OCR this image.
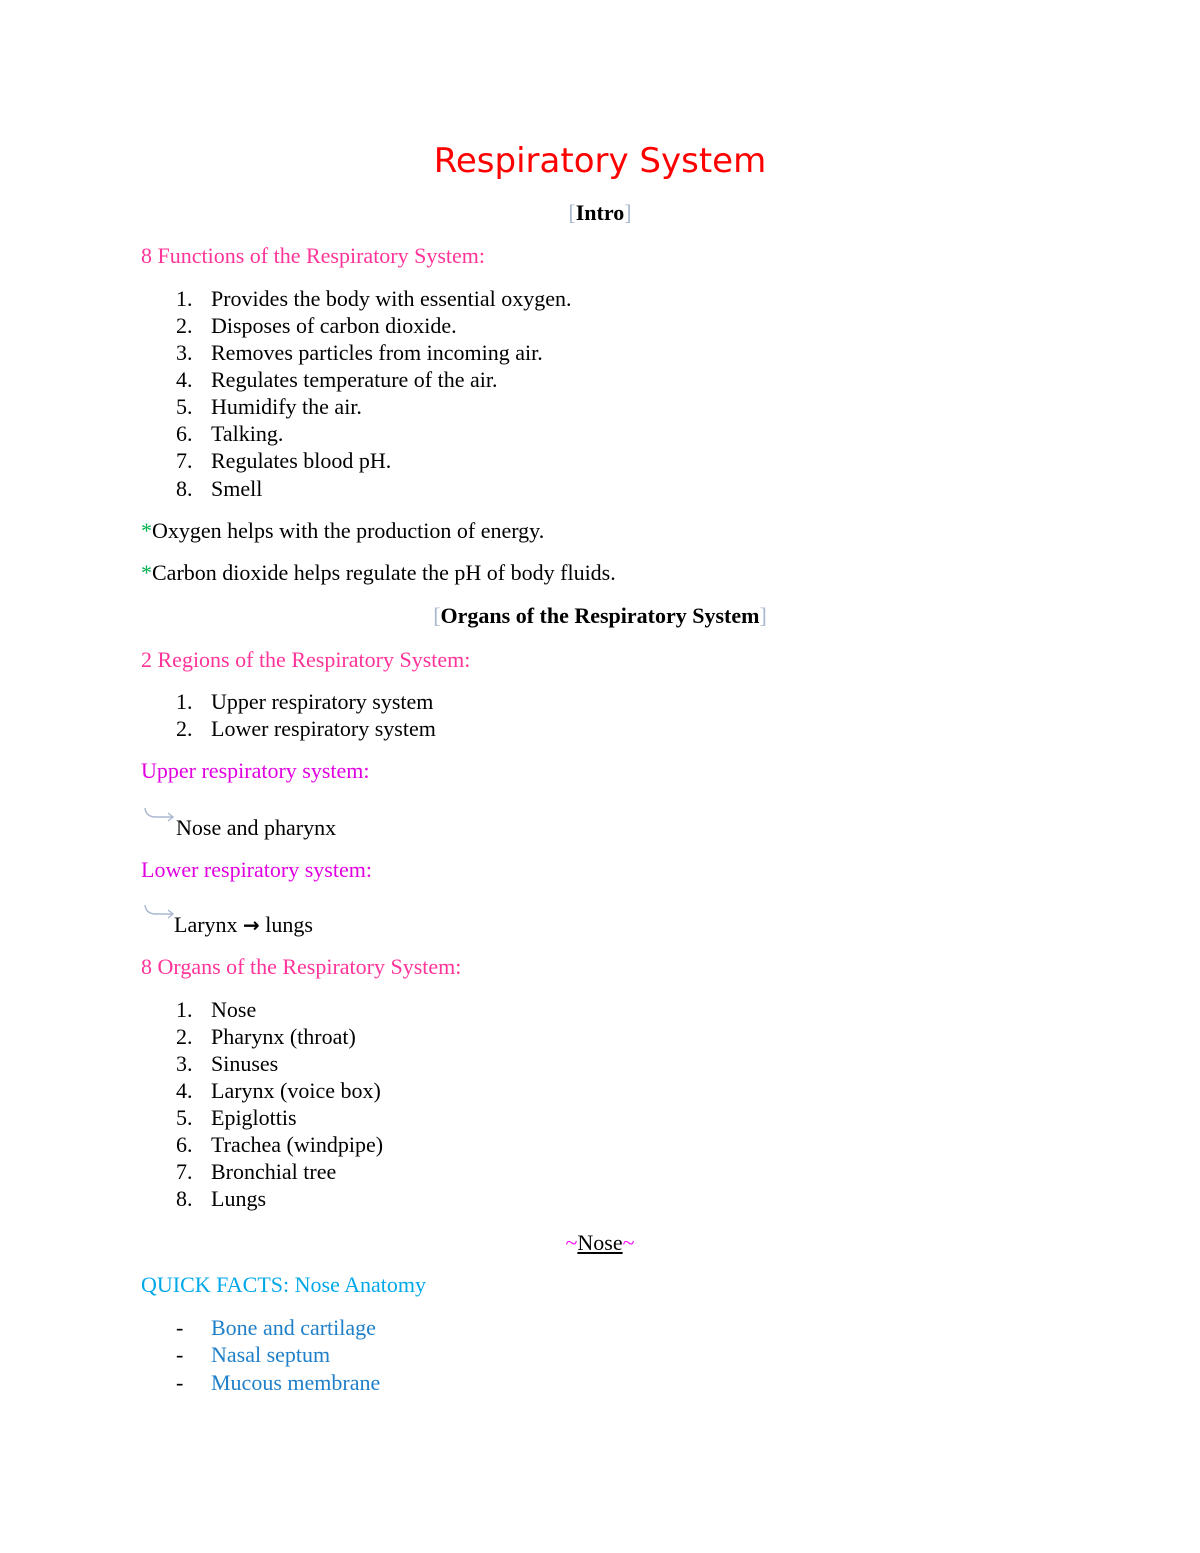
Respiratory System
[Intro]
8 Functions of the Respiratory System:
1. Provides the body with essential oxygen.
2. Disposes of carbon dioxide.
3. Removes particles from incoming air.
4. Regulates temperature of the air.
5. Humidify the air.
6. Talking.
7. Regulates blood pH.
8. Smell
*Oxygen helps with the production of energy.
*Carbon dioxide helps regulate the pH of body fluids.
[Organs of the Respiratory System]
2 Regions of the Respiratory System:
1. Upper respiratory system
2. Lower respiratory system
Upper respiratory system:
Nose and pharynx
Lower respiratory system:
Larynx → lungs
8 Organs of the Respiratory System:
1. Nose
2. Pharynx (throat)
3. Sinuses
4. Larynx (voice box)
5. Epiglottis
6. Trachea (windpipe)
7. Bronchial tree
8. Lungs
~Nose~
QUICK FACTS: Nose Anatomy
- Bone and cartilage
- Nasal septum
- Mucous membrane
